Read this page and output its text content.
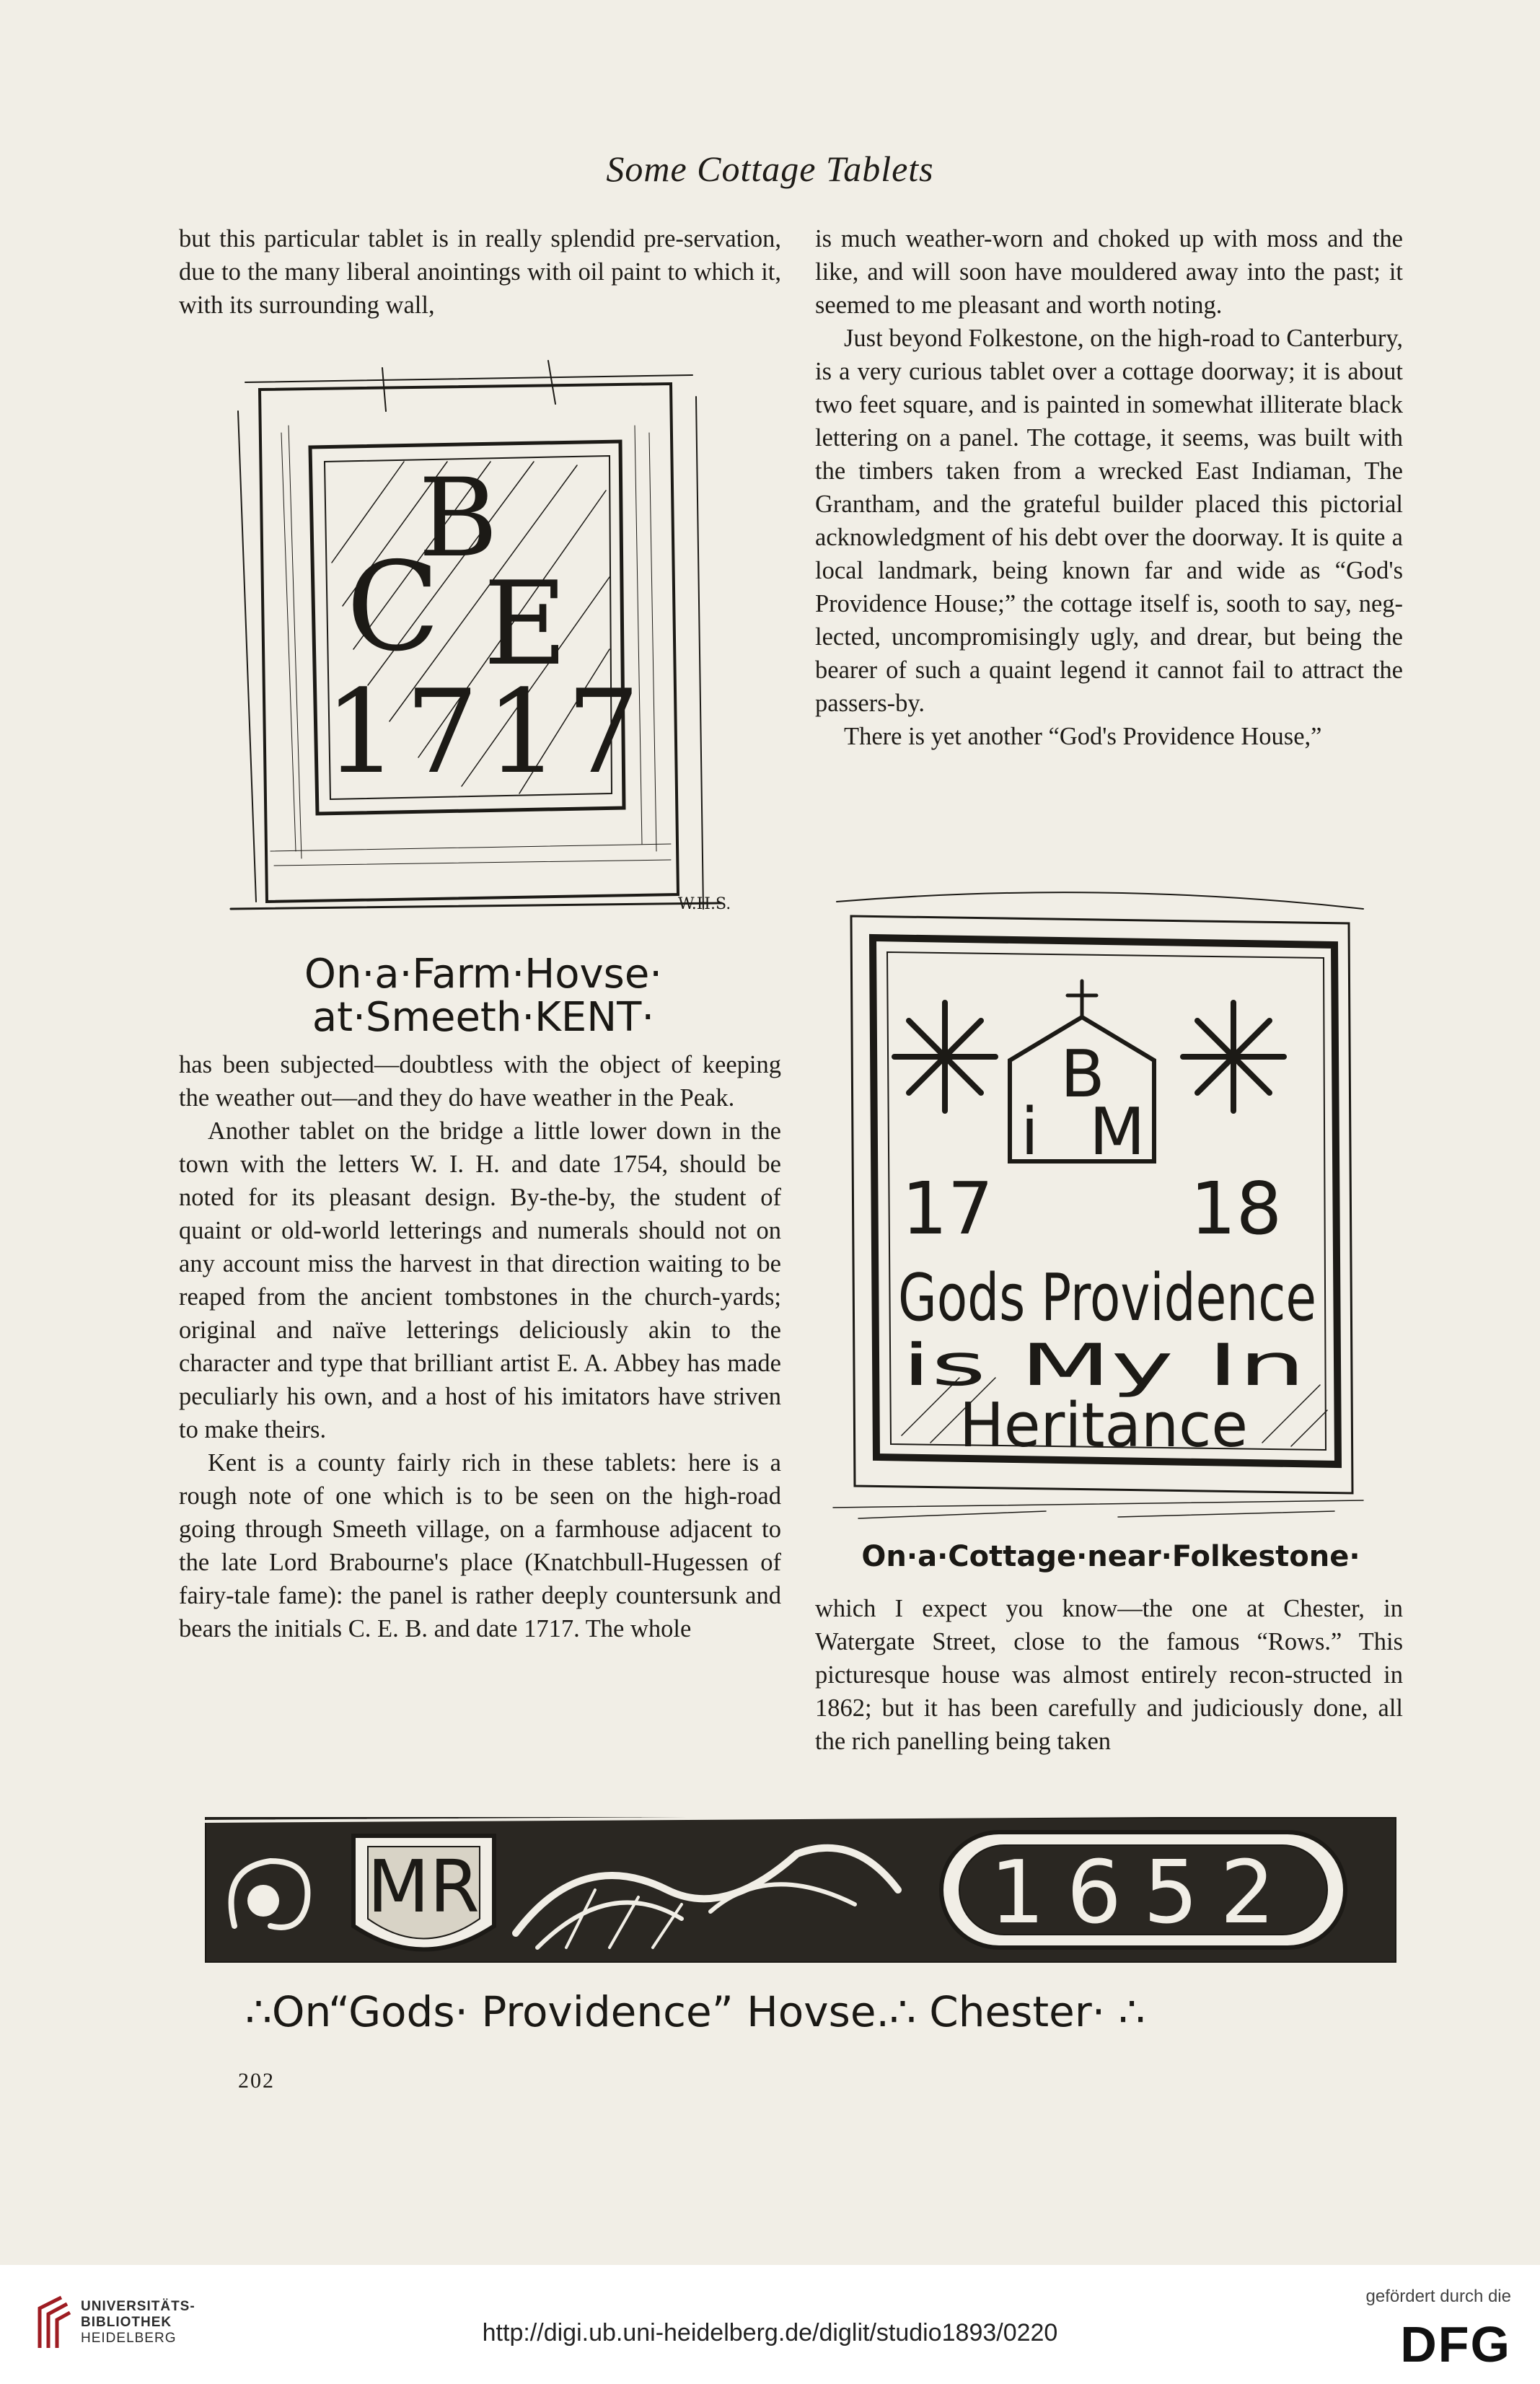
Some Cottage Tablets

but this particular tablet is in really splendid pre-servation, due to the many liberal anointings with oil paint to which it, with its surrounding wall,

B
C E
1717
W.H.S.
On·a·Farm·Hovse·
at·Smeeth·KENT·

has been subjected—doubtless with the object of keeping the weather out—and they do have weather in the Peak.

Another tablet on the bridge a little lower down in the town with the letters W. I. H. and date 1754, should be noted for its pleasant design. By-the-by, the student of quaint or old-world letterings and numerals should not on any account miss the harvest in that direction waiting to be reaped from the ancient tombstones in the church-yards; original and naïve letterings deliciously akin to the character and type that brilliant artist E. A. Abbey has made peculiarly his own, and a host of his imitators have striven to make theirs.

Kent is a county fairly rich in these tablets: here is a rough note of one which is to be seen on the high-road going through Smeeth village, on a farmhouse adjacent to the late Lord Brabourne's place (Knatchbull-Hugessen of fairy-tale fame): the panel is rather deeply countersunk and bears the initials C. E. B. and date 1717. The whole

is much weather-worn and choked up with moss and the like, and will soon have mouldered away into the past; it seemed to me pleasant and worth noting.

Just beyond Folkestone, on the high-road to Canterbury, is a very curious tablet over a cottage doorway; it is about two feet square, and is painted in somewhat illiterate black lettering on a panel. The cottage, it seems, was built with the timbers taken from a wrecked East Indiaman, The Grantham, and the grateful builder placed this pictorial acknowledgment of his debt over the doorway. It is quite a local landmark, being known far and wide as “God's Providence House;” the cottage itself is, sooth to say, neg-lected, uncompromisingly ugly, and drear, but being the bearer of such a quaint legend it cannot fail to attract the passers-by.

There is yet another “God's Providence House,”

B
i M
17	18
Gods Providence
is My In
Heritance
On·a·Cottage·near·Folkestone·

which I expect you know—the one at Chester, in Watergate Street, close to the famous “Rows.” This picturesque house was almost entirely recon-structed in 1862; but it has been carefully and judiciously done, all the rich panelling being taken

MR	1652
∴On“Gods· Providence” Hovse.∴ Chester· ∴
202
UNIVERSITÄTS-
BIBLIOTHEK
HEIDELBERG	http://digi.ub.uni-heidelberg.de/diglit/studio1893/0220
gefördert durch die
DFG
